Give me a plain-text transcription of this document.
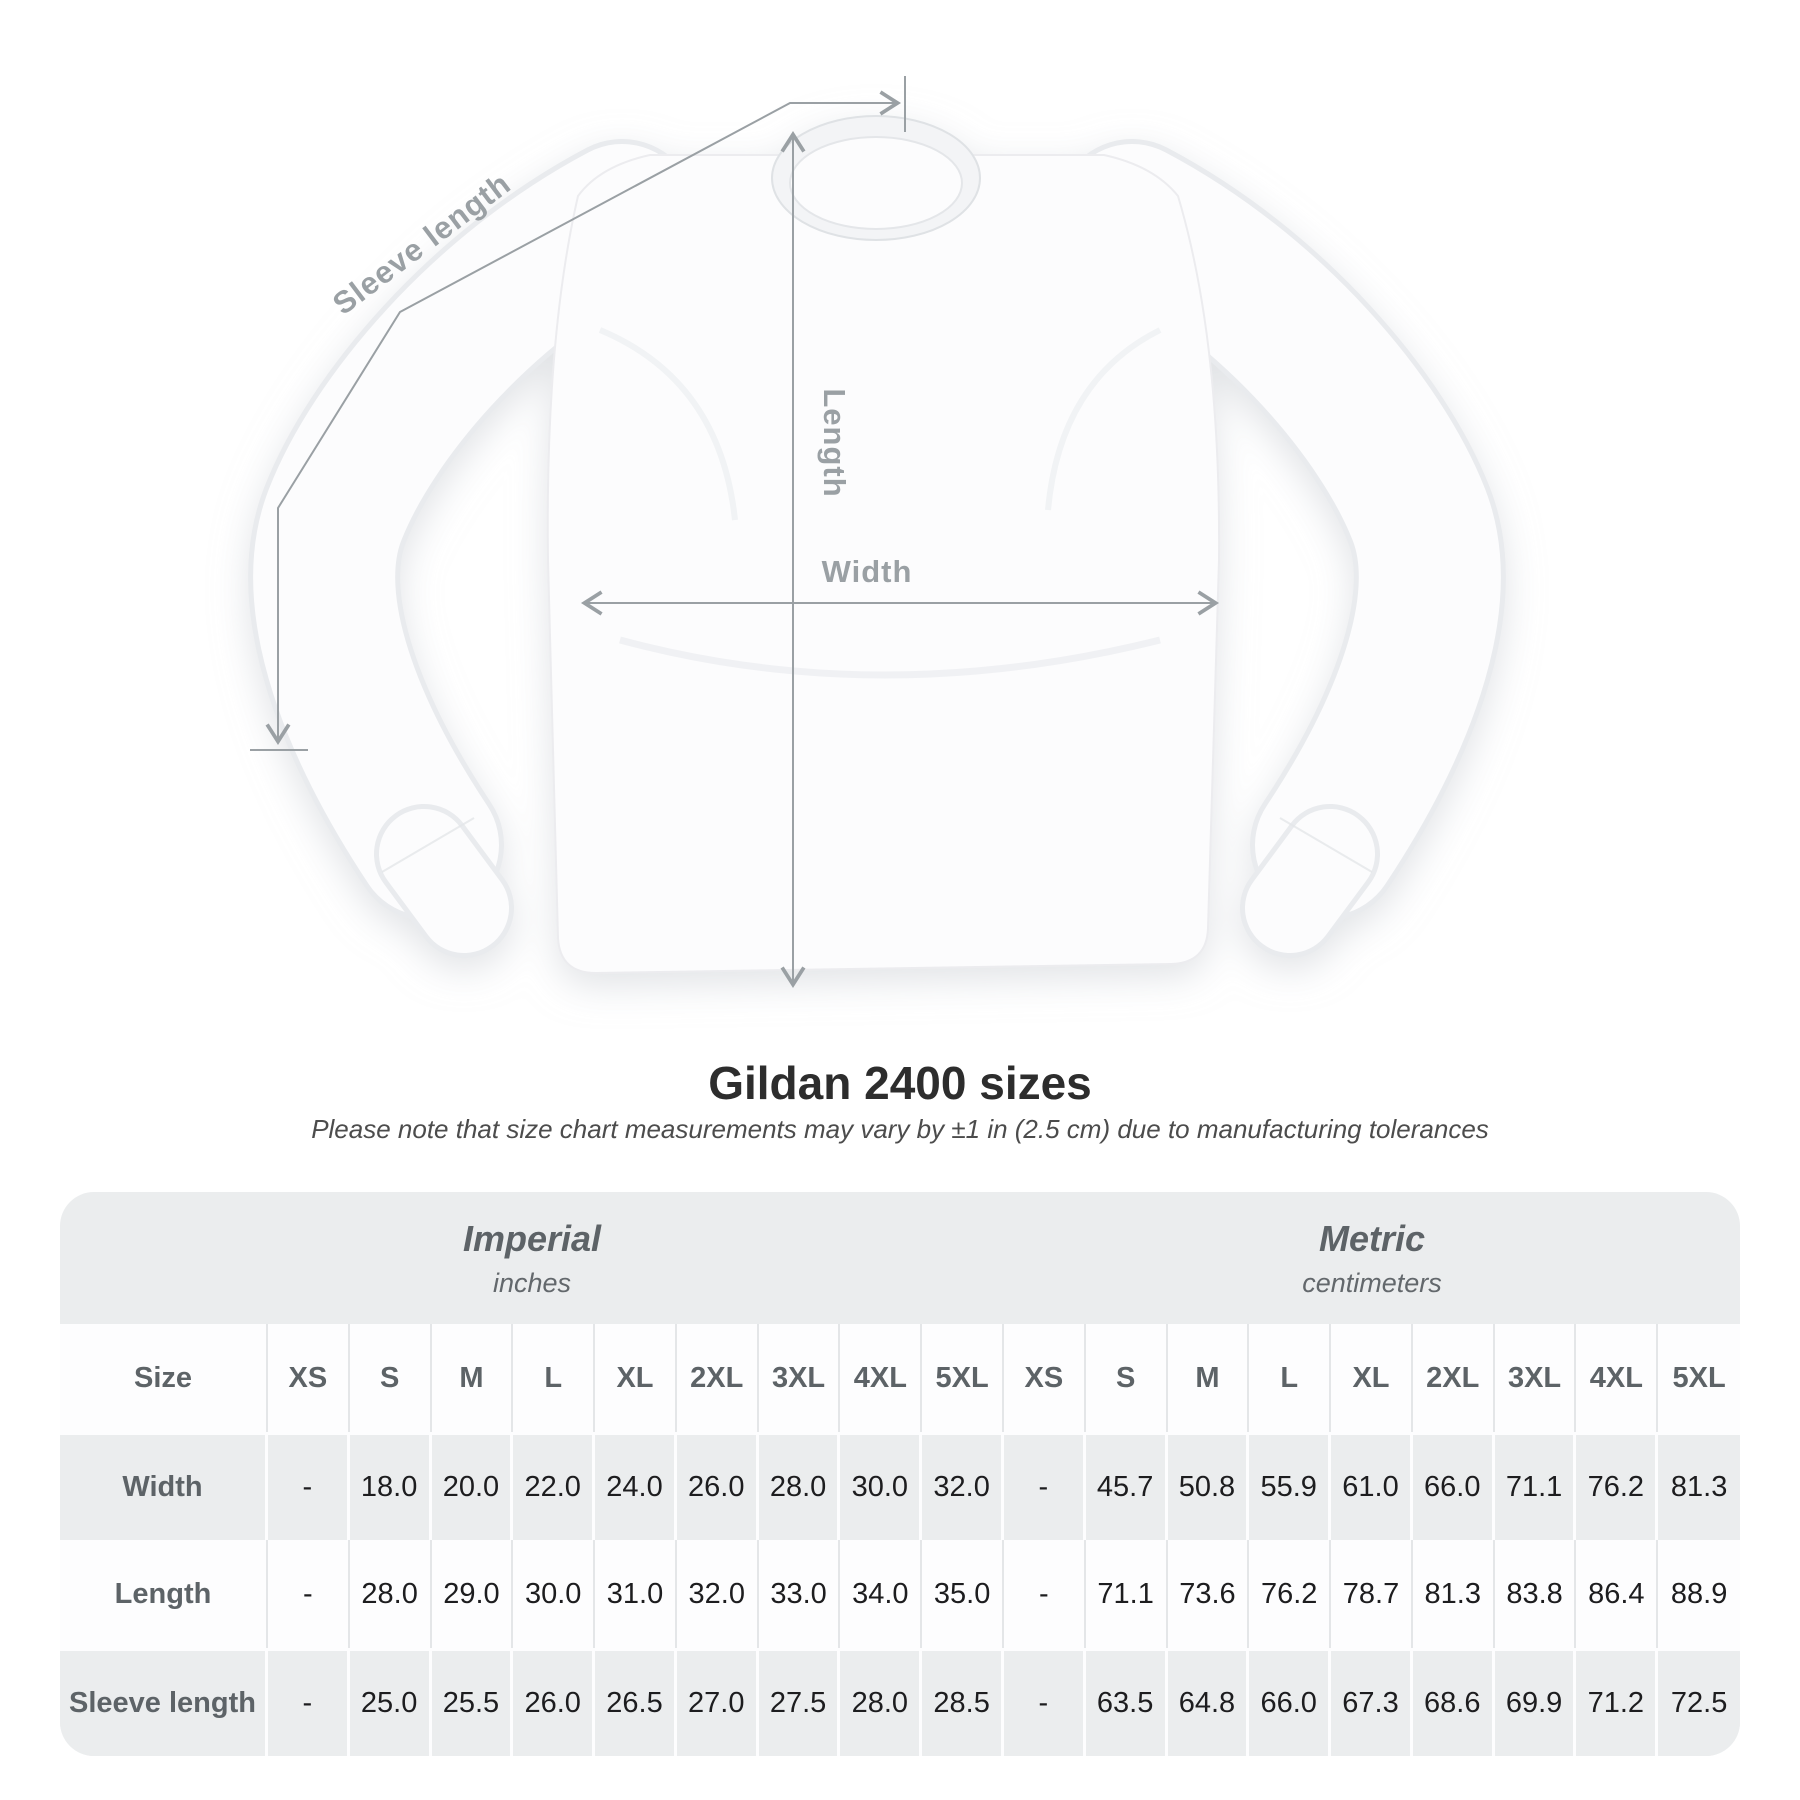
Sleeve length
Length
Width
Gildan 2400 sizes
Please note that size chart measurements may vary by ±1 in (2.5 cm) due to manufacturing tolerances
Imperial
inches
Metric
centimeters
Size	XS	S	M	L	XL	2XL 3XL 4XL 5XL	XS	S	M	L	XL	2XL 3XL 4XL	5XL
Width	-	18.0 20.0 22.0 24.0 26.0 28.0 30.0 32.0	-	45.7 50.8 55.9 61.0 66.0 71.1 76.2 81.3
Length	-	28.0 29.0 30.0 31.0 32.0 33.0 34.0 35.0	-	71.1 73.6 76.2 78.7 81.3 83.8 86.4 88.9
Sleeve length	-	25.0 25.5 26.0 26.5 27.0 27.5 28.0 28.5	-	63.5 64.8 66.0 67.3 68.6 69.9 71.2 72.5
